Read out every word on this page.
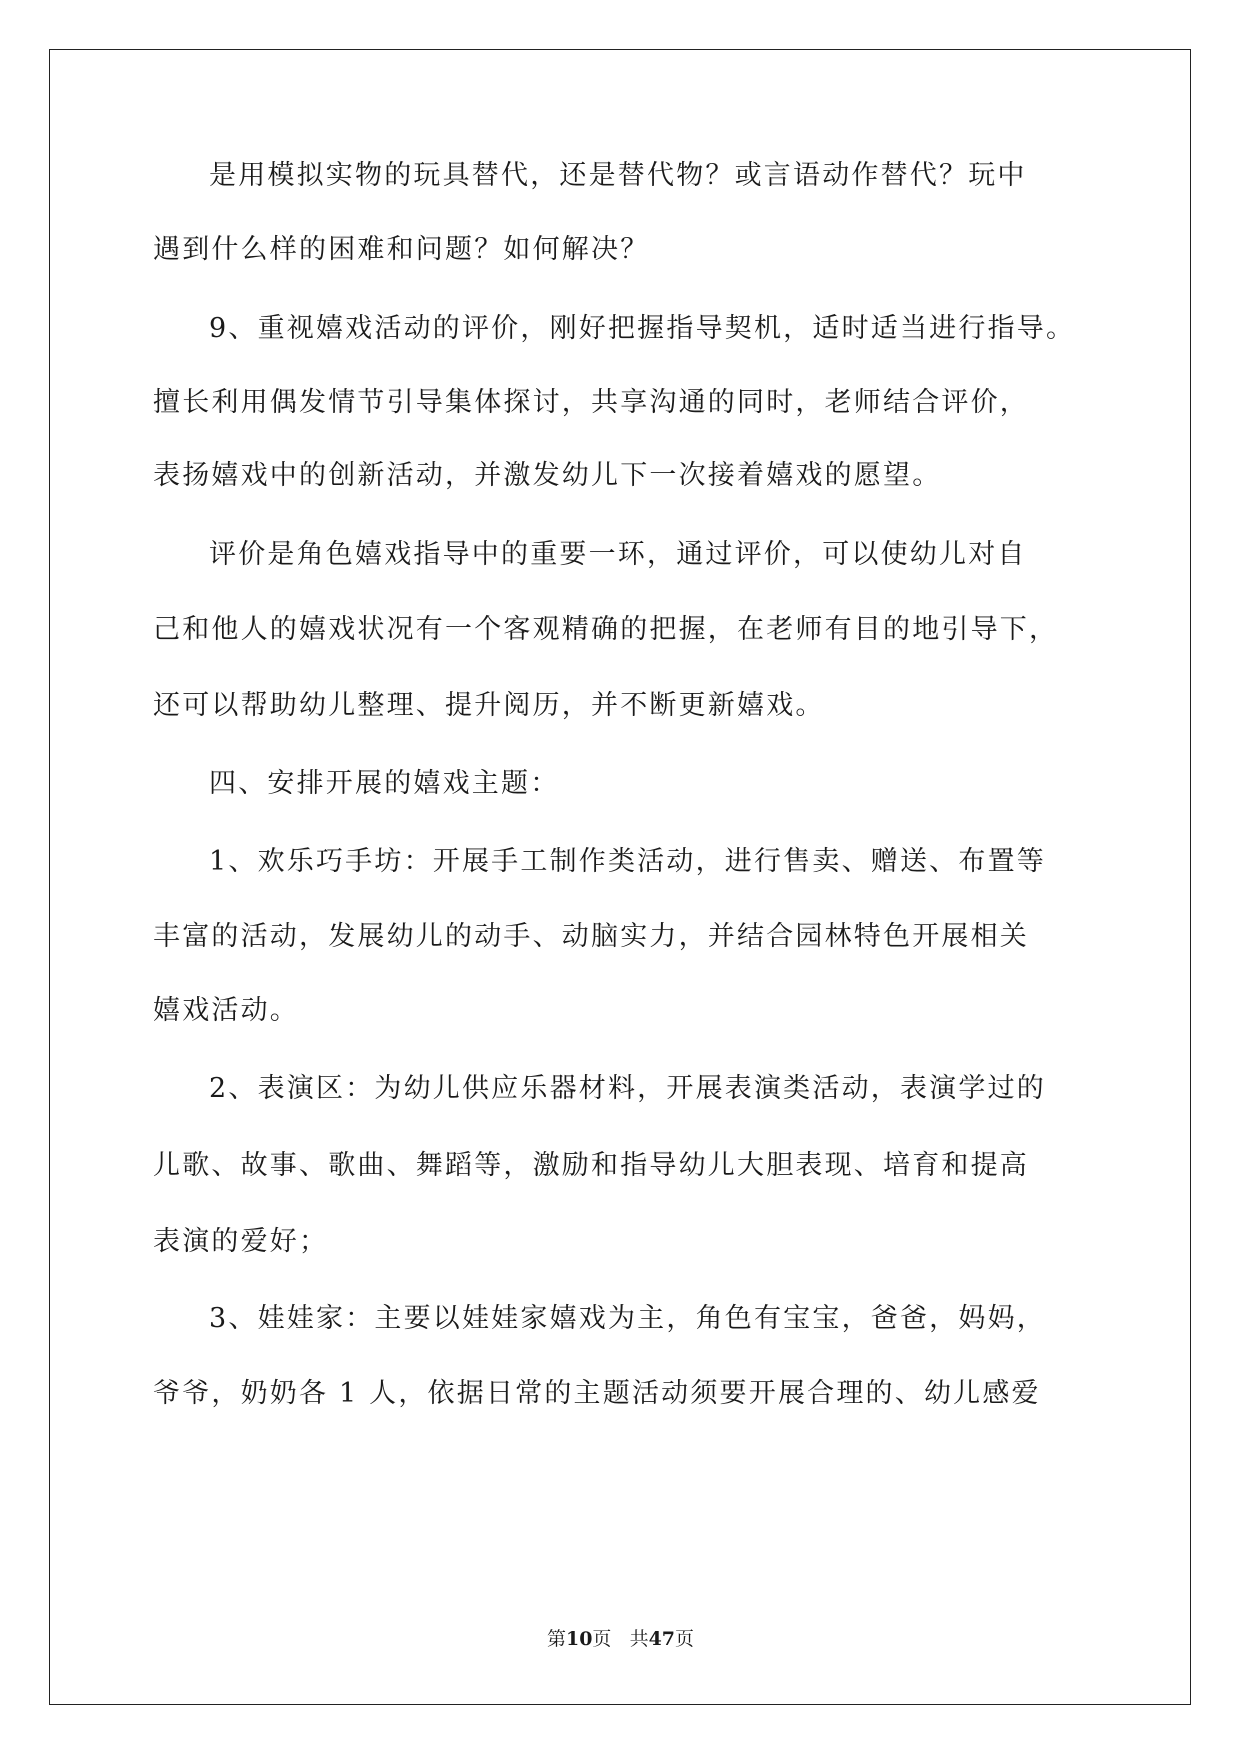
是用模拟实物的玩具替代，还是替代物？或言语动作替代？玩中
遇到什么样的困难和问题？如何解决？
9、重视嬉戏活动的评价，刚好把握指导契机，适时适当进行指导。
擅长利用偶发情节引导集体探讨，共享沟通的同时，老师结合评价，
表扬嬉戏中的创新活动，并激发幼儿下一次接着嬉戏的愿望。
评价是角色嬉戏指导中的重要一环，通过评价，可以使幼儿对自
己和他人的嬉戏状况有一个客观精确的把握，在老师有目的地引导下，
还可以帮助幼儿整理、提升阅历，并不断更新嬉戏。
四、安排开展的嬉戏主题：
1、欢乐巧手坊：开展手工制作类活动，进行售卖、赠送、布置等
丰富的活动，发展幼儿的动手、动脑实力，并结合园林特色开展相关
嬉戏活动。
2、表演区：为幼儿供应乐器材料，开展表演类活动，表演学过的
儿歌、故事、歌曲、舞蹈等，激励和指导幼儿大胆表现、培育和提高
表演的爱好；
3、娃娃家：主要以娃娃家嬉戏为主，角色有宝宝，爸爸，妈妈，
爷爷，奶奶各 1 人，依据日常的主题活动须要开展合理的、幼儿感爱
第10页 共47页
